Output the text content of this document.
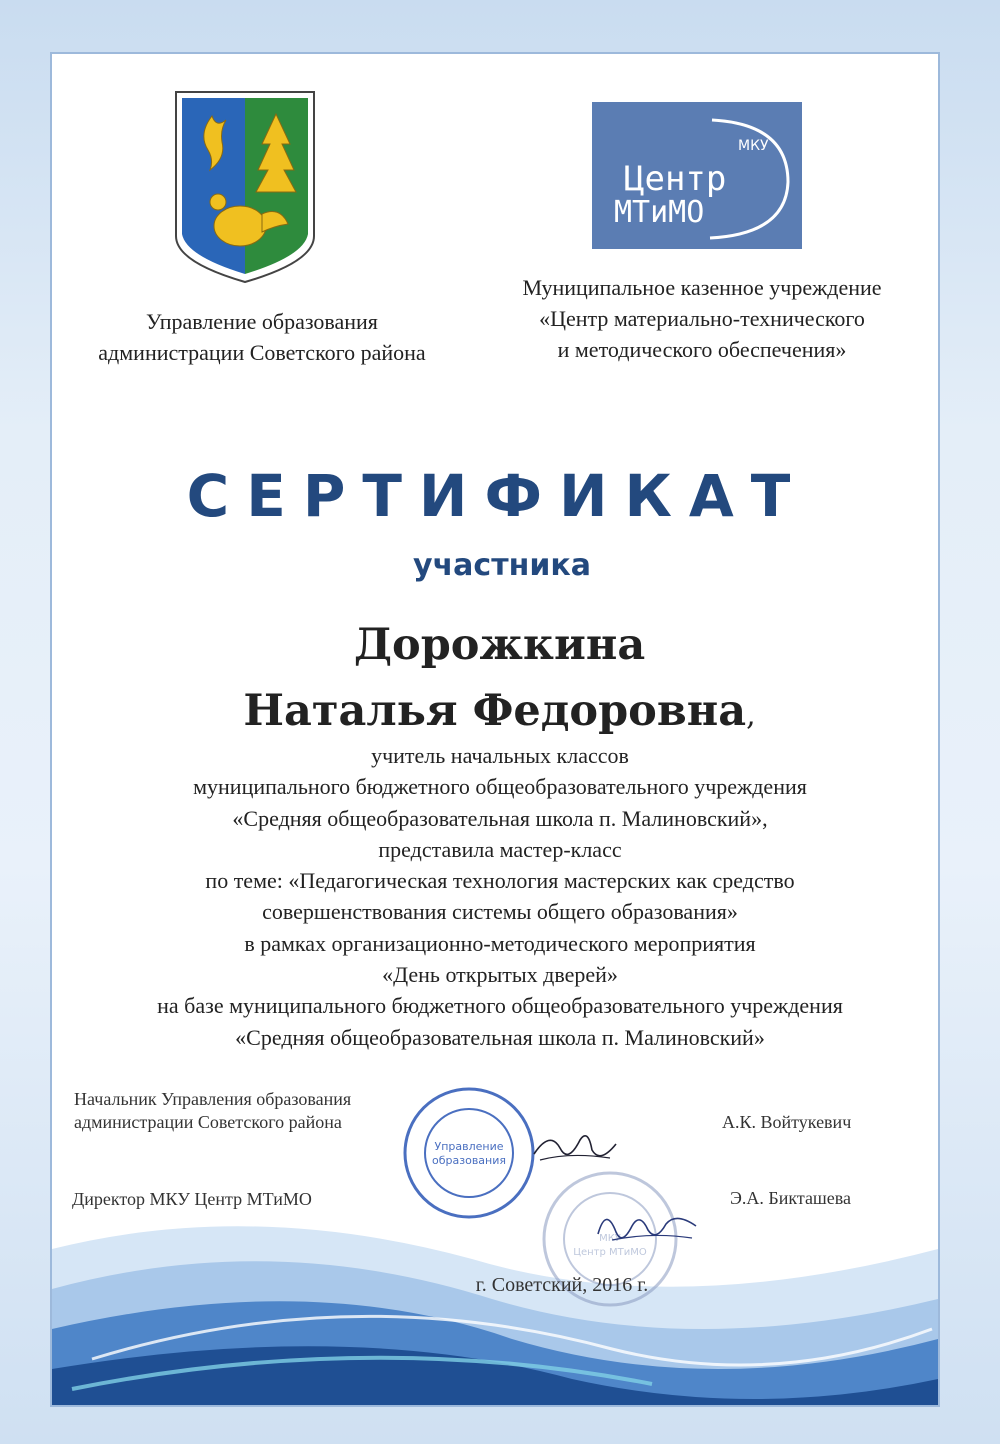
МКУ
Центр
МТиМО
Управление образования
администрации Советского района
Муниципальное казенное учреждение
«Центр материально-технического
и методического обеспечения»
СЕРТИФИКАТ
участника
Дорожкина
Наталья Федоровна,
учитель начальных классов
муниципального бюджетного общеобразовательного учреждения
«Средняя общеобразовательная школа п. Малиновский»,
представила мастер-класс
по теме: «Педагогическая технология мастерских как средство
совершенствования системы общего образования»
в рамках организационно-методического мероприятия
«День открытых дверей»
на базе муниципального бюджетного общеобразовательного учреждения
«Средняя общеобразовательная школа п. Малиновский»
Начальник Управления образования
администрации Советского района	А.К. Войтукевич
Директор МКУ Центр МТиМО	Э.А. Бикташева
Управление
образования
МКУ
Центр МТиМО
г. Советский, 2016 г.
